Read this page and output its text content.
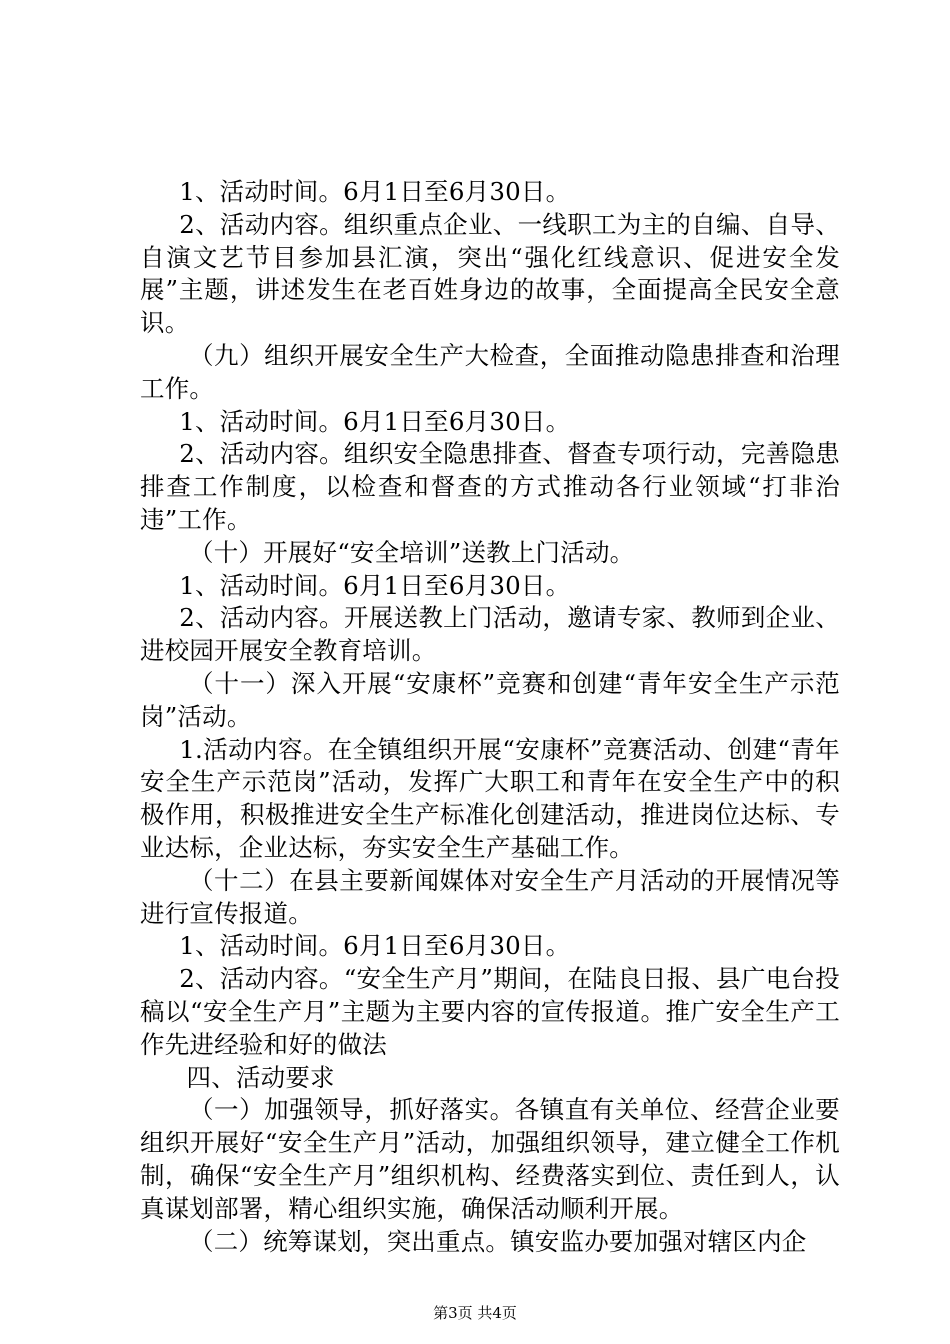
1、活动时间。6月1日至6月30日。

2、活动内容。组织重点企业、一线职工为主的自编、自导、自演文艺节目参加县汇演，突出“强化红线意识、促进安全发展”主题，讲述发生在老百姓身边的故事，全面提高全民安全意识。

（九）组织开展安全生产大检查，全面推动隐患排查和治理工作。

1、活动时间。6月1日至6月30日。

2、活动内容。组织安全隐患排查、督查专项行动，完善隐患排查工作制度，以检查和督查的方式推动各行业领域“打非治违”工作。

（十）开展好“安全培训”送教上门活动。

1、活动时间。6月1日至6月30日。

2、活动内容。开展送教上门活动，邀请专家、教师到企业、进校园开展安全教育培训。

（十一）深入开展“安康杯”竞赛和创建“青年安全生产示范岗”活动。

1.活动内容。在全镇组织开展“安康杯”竞赛活动、创建“青年安全生产示范岗”活动，发挥广大职工和青年在安全生产中的积极作用，积极推进安全生产标准化创建活动，推进岗位达标、专业达标，企业达标，夯实安全生产基础工作。

（十二）在县主要新闻媒体对安全生产月活动的开展情况等进行宣传报道。

1、活动时间。6月1日至6月30日。

2、活动内容。“安全生产月”期间，在陆良日报、县广电台投稿以“安全生产月”主题为主要内容的宣传报道。推广安全生产工作先进经验和好的做法

四、活动要求

（一）加强领导，抓好落实。各镇直有关单位、经营企业要组织开展好“安全生产月”活动，加强组织领导，建立健全工作机制，确保“安全生产月”组织机构、经费落实到位、责任到人，认真谋划部署，精心组织实施，确保活动顺利开展。

（二）统筹谋划，突出重点。镇安监办要加强对辖区内企

第3页 共4页
